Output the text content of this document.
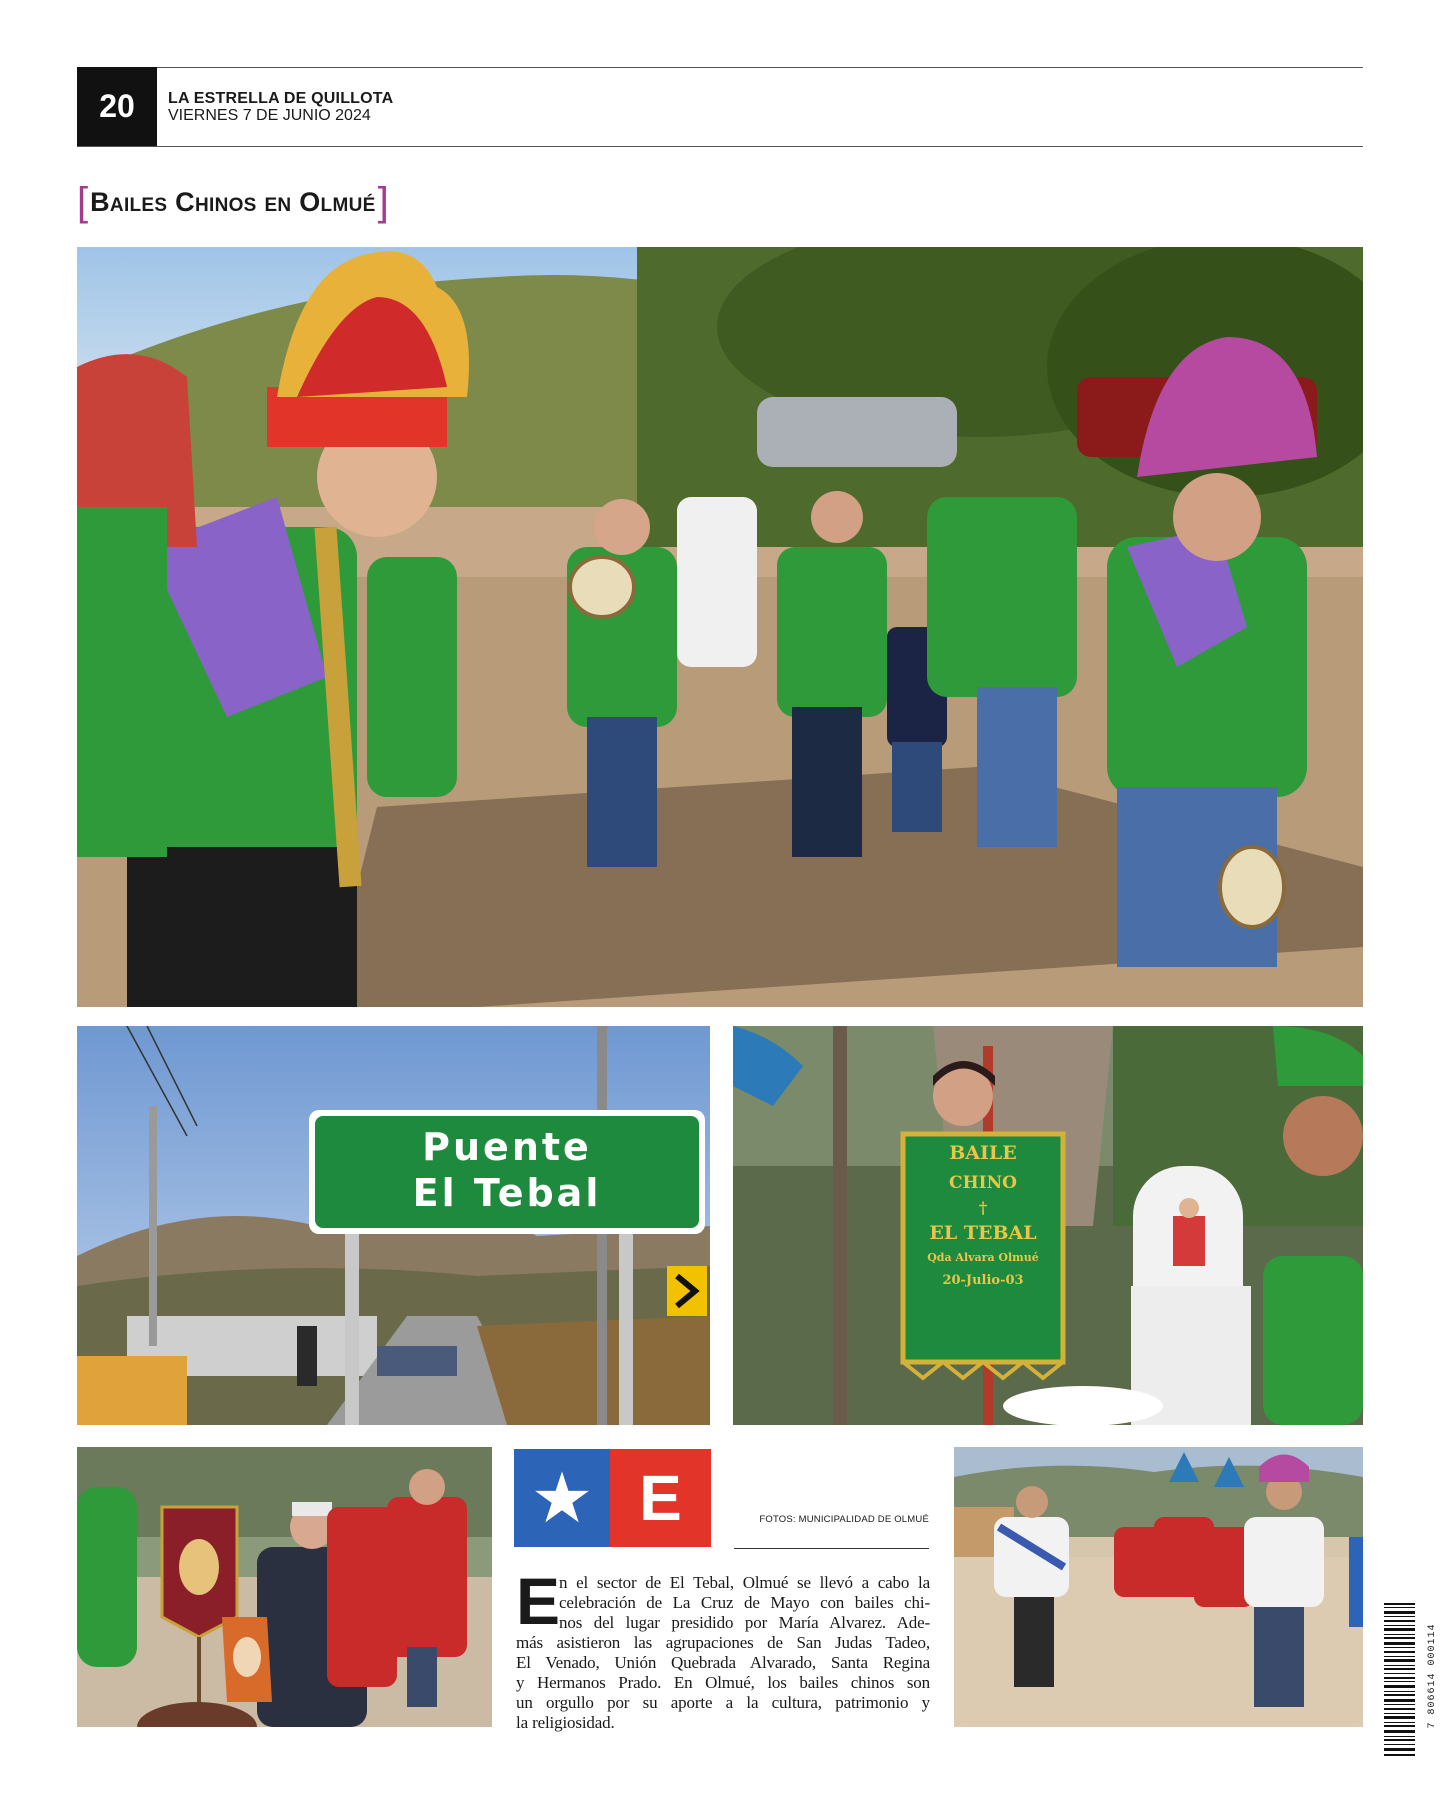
20	LA ESTRELLA DE QUILLOTA
VIERNES 7 DE JUNIO 2024
[ Bailes Chinos en Olmué ]
Puente
El Tebal
BAILE
CHINO
†
EL TEBAL
Qda Alvara Olmué
20-Julio-03
★ E	FOTOS: MUNICIPALIDAD DE OLMUÉ
E
n el sector de El Tebal, Olmué se llevó a cabo la
celebración de La Cruz de Mayo con bailes chi-
nos del lugar presidido por María Alvarez. Ade-
más asistieron las agrupaciones de San Judas Tadeo,
El Venado, Unión Quebrada Alvarado, Santa Regina
y Hermanos Prado. En Olmué, los bailes chinos son
un orgullo por su aporte a la cultura, patrimonio y
la religiosidad.	7 806614 000114
